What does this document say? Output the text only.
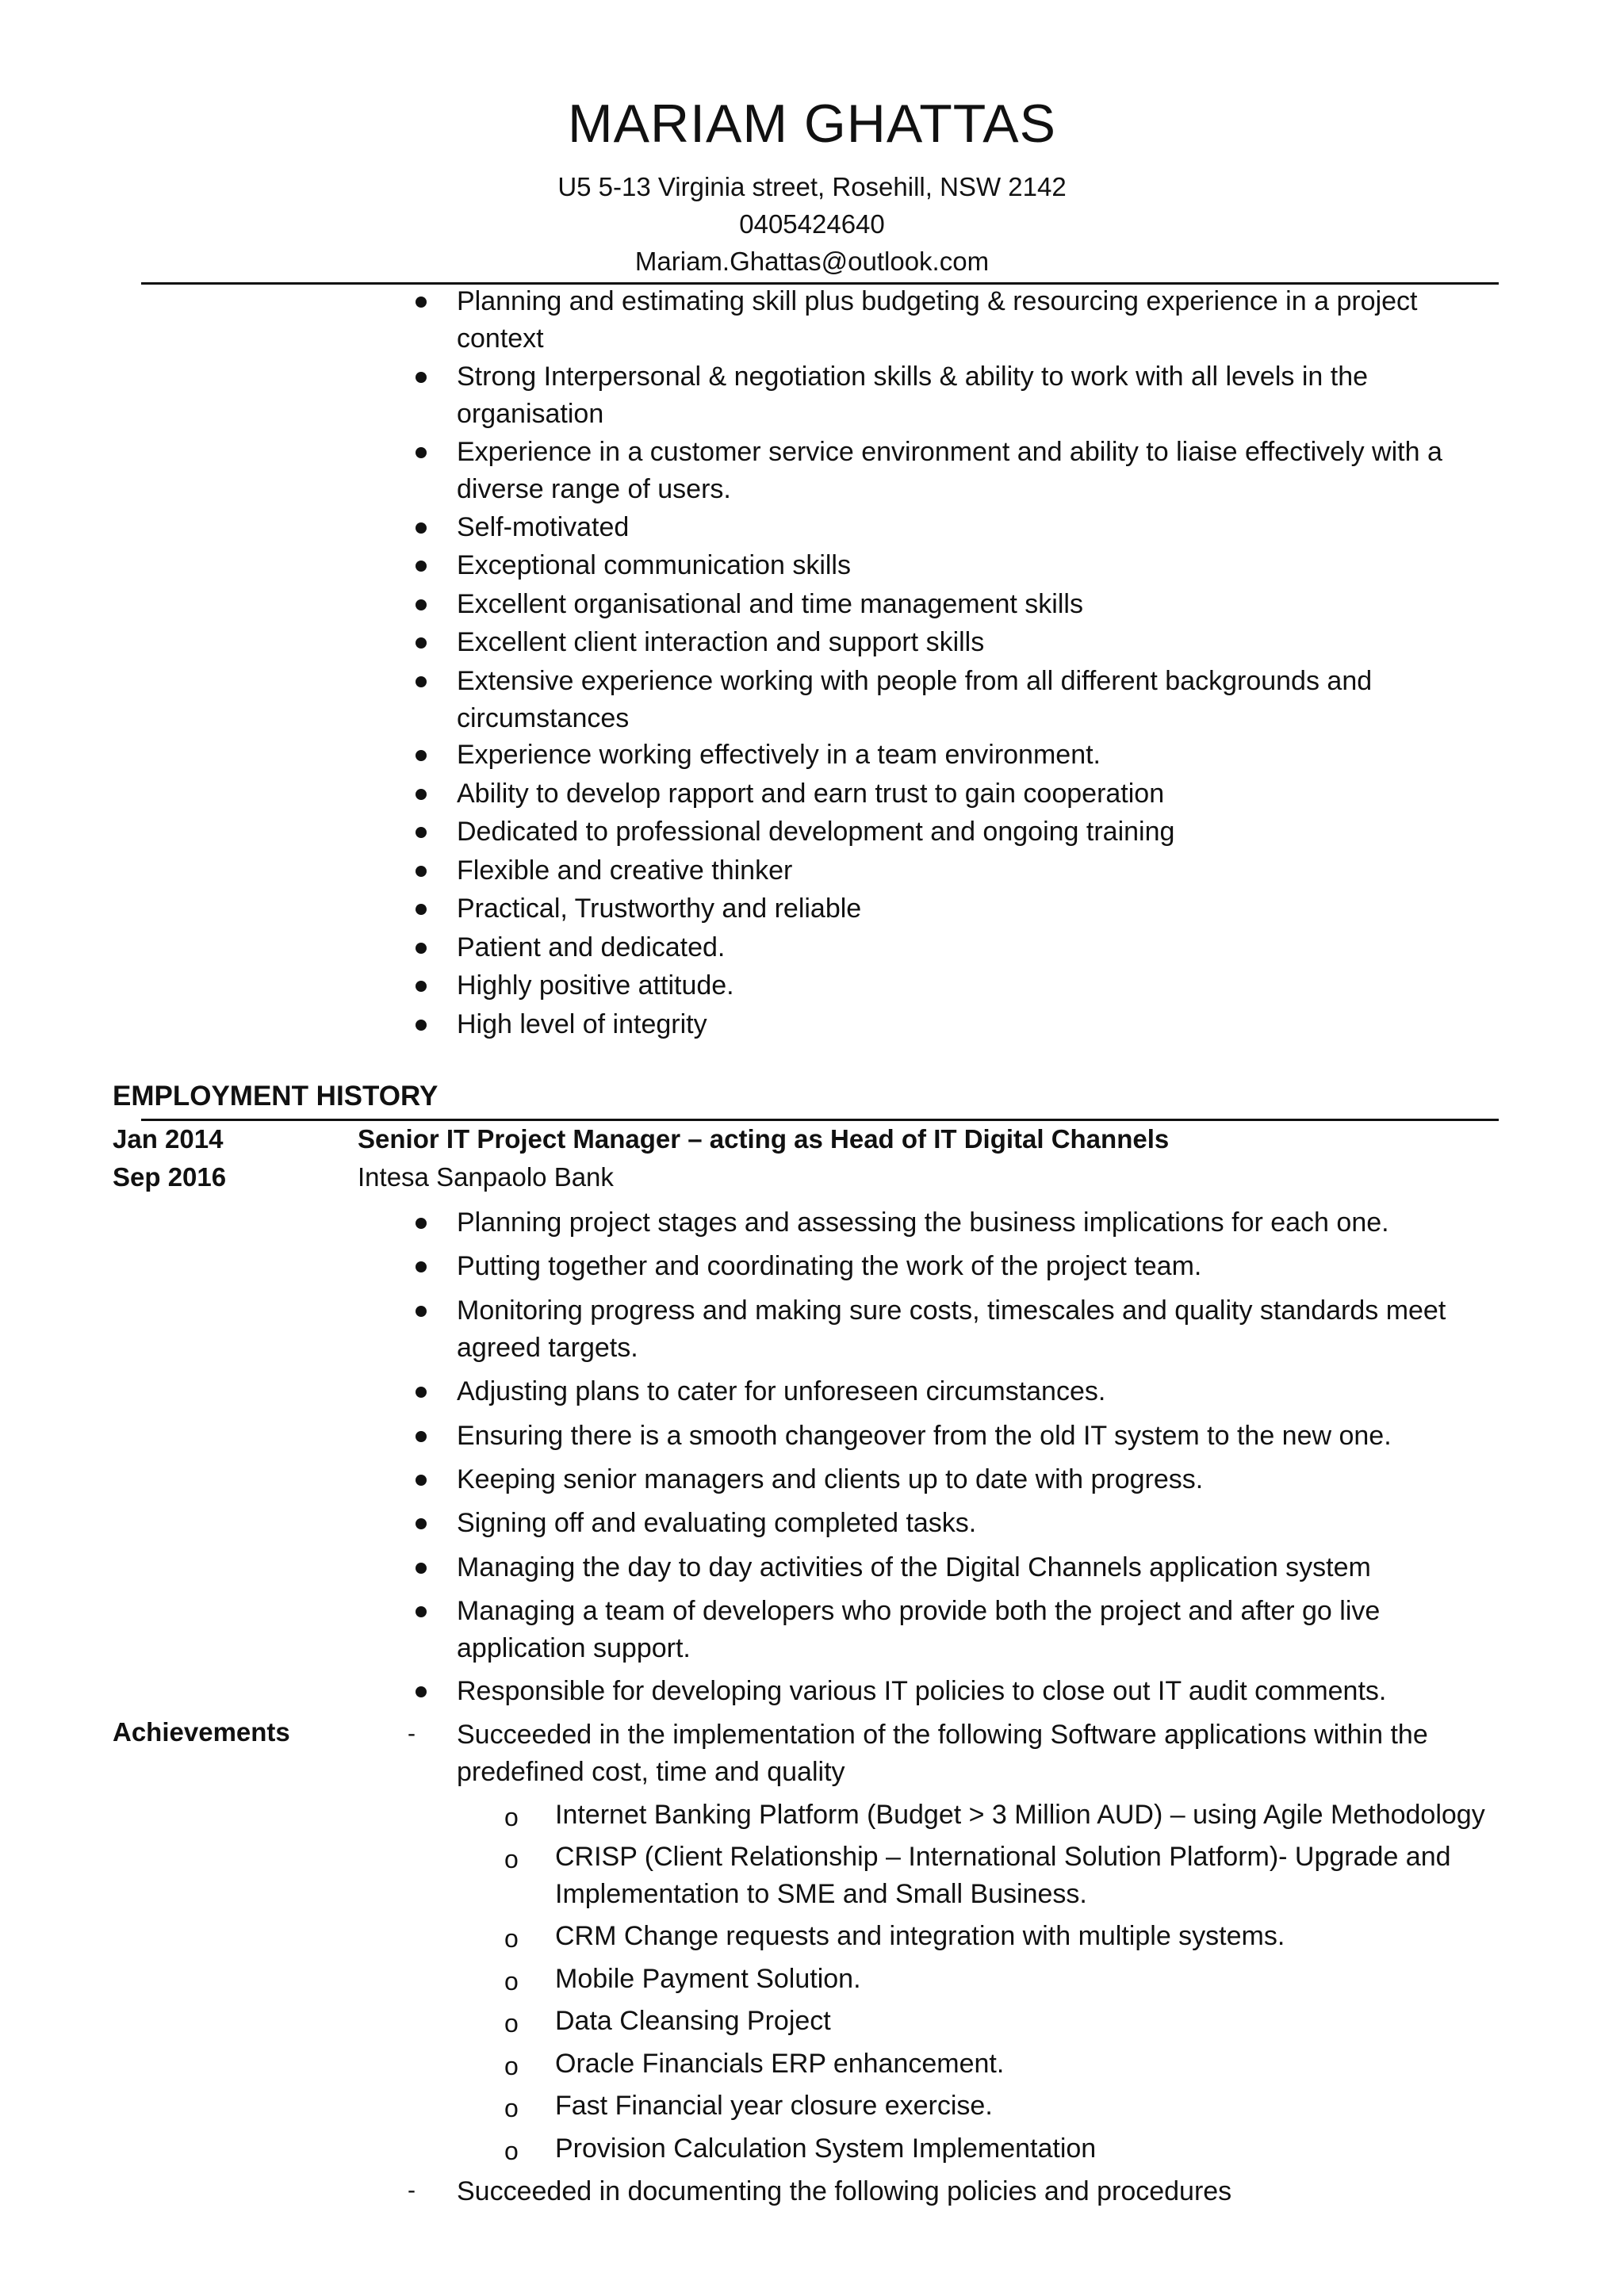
MARIAM GHATTAS
U5 5-13 Virginia street, Rosehill, NSW 2142
0405424640
Mariam.Ghattas@outlook.com
Planning and estimating skill plus budgeting & resourcing experience in a project context
Strong Interpersonal & negotiation skills & ability to work with all levels in the organisation
Experience in a customer service environment and ability to liaise effectively with a diverse range of users.
Self-motivated
Exceptional communication skills
Excellent organisational and time management skills
Excellent client interaction and support skills
Extensive experience working with people from all different backgrounds and circumstances
Experience working effectively in a team environment.
Ability to develop rapport and earn trust to gain cooperation
Dedicated to professional development and ongoing training
Flexible and creative thinker
Practical, Trustworthy and reliable
Patient and dedicated.
Highly positive attitude.
High level of integrity
EMPLOYMENT HISTORY
Jan 2014
Sep 2016
Senior IT Project Manager – acting as Head of IT Digital Channels
Intesa Sanpaolo Bank
Planning project stages and assessing the business implications for each one.
Putting together and coordinating the work of the project team.
Monitoring progress and making sure costs, timescales and quality standards meet agreed targets.
Adjusting plans to cater for unforeseen circumstances.
Ensuring there is a smooth changeover from the old IT system to the new one.
Keeping senior managers and clients up to date with progress.
Signing off and evaluating completed tasks.
Managing the day to day activities of the Digital Channels application system
Managing a team of developers who provide both the project and after go live application support.
Responsible for developing various IT policies to close out IT audit comments.
Achievements	- Succeeded in the implementation of the following Software applications within the predefined cost, time and quality
o Internet Banking Platform (Budget > 3 Million AUD) – using Agile Methodology
o CRISP (Client Relationship – International Solution Platform)- Upgrade and Implementation to SME and Small Business.
o CRM Change requests and integration with multiple systems.
o Mobile Payment Solution.
o Data Cleansing Project
o Oracle Financials ERP enhancement.
o Fast Financial year closure exercise.
o Provision Calculation System Implementation
- Succeeded in documenting the following policies and procedures
